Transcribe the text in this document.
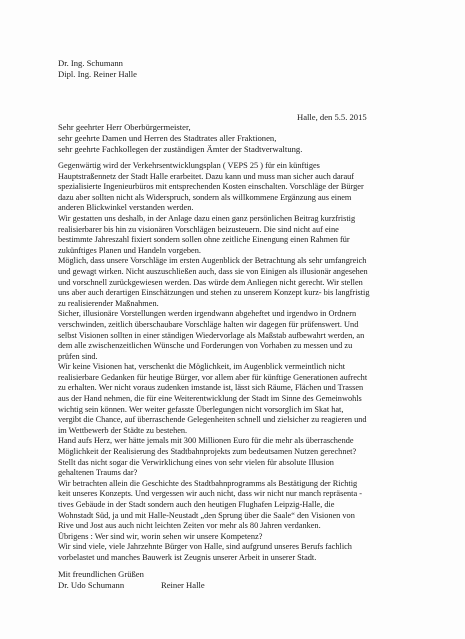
Dr. Ing. Schumann
Dipl. Ing. Reiner Halle
Halle, den 5.5. 2015
Sehr geehrter Herr Oberbürgermeister,
sehr geehrte Damen und Herren des Stadtrates aller Fraktionen,
sehr geehrte Fachkollegen der zuständigen Ämter der Stadtverwaltung.
Gegenwärtig wird der Verkehrsentwicklungsplan ( VEPS 25 ) für ein künftiges
Hauptstraßennetz der Stadt Halle erarbeitet. Dazu kann und muss man sicher auch darauf
spezialisierte Ingenieurbüros mit entsprechenden Kosten einschalten. Vorschläge der Bürger
dazu aber sollten nicht als Widerspruch, sondern als willkommene Ergänzung aus einem
anderen Blickwinkel verstanden werden.
Wir gestatten uns deshalb, in der Anlage dazu einen ganz persönlichen Beitrag kurzfristig
realisierbarer bis hin zu visionären Vorschlägen beizusteuern. Die sind nicht auf eine
bestimmte Jahreszahl fixiert sondern sollen ohne zeitliche Einengung einen Rahmen für
zukünftiges Planen und Handeln vorgeben.
Möglich, dass unsere Vorschläge im ersten Augenblick der Betrachtung als sehr umfangreich
und gewagt wirken. Nicht auszuschließen auch, dass sie von Einigen als illusionär angesehen
und vorschnell zurückgewiesen werden. Das würde dem Anliegen nicht gerecht. Wir stellen
uns aber auch derartigen Einschätzungen und stehen zu unserem Konzept kurz- bis langfristig
zu realisierender Maßnahmen.
Sicher, illusionäre Vorstellungen werden irgendwann abgeheftet und irgendwo in Ordnern
verschwinden, zeitlich überschaubare Vorschläge halten wir dagegen für prüfenswert. Und
selbst Visionen sollten in einer ständigen Wiedervorlage als Maßstab aufbewahrt werden, an
dem alle zwischenzeitlichen Wünsche und Forderungen von Vorhaben zu messen und zu
prüfen sind.
Wir keine Visionen hat, verschenkt die Möglichkeit, im Augenblick vermeintlich nicht
realisierbare Gedanken für heutige Bürger, vor allem aber für künftige Generationen aufrecht
zu erhalten. Wer nicht voraus zudenken imstande ist, lässt sich Räume, Flächen und Trassen
aus der Hand nehmen, die für eine Weiterentwicklung der Stadt im Sinne des Gemeinwohls
wichtig sein können. Wer weiter gefasste Überlegungen nicht vorsorglich im Skat hat,
vergibt die Chance, auf überraschende Gelegenheiten schnell und zielsicher zu reagieren und
im Wettbewerb der Städte zu bestehen.
Hand aufs Herz, wer hätte jemals mit 300 Millionen Euro für die mehr als überraschende
Möglichkeit der Realisierung des Stadtbahnprojekts zum bedeutsamen Nutzen gerechnet?
Stellt das nicht sogar die Verwirklichung eines von sehr vielen für absolute Illusion
gehaltenen Traums dar?
Wir betrachten allein die Geschichte des Stadtbahnprogramms als Bestätigung der Richtig
keit unseres Konzepts. Und vergessen wir auch nicht, dass wir nicht nur manch repräsenta -
tives Gebäude in der Stadt sondern auch den heutigen Flughafen Leipzig-Halle, die
Wohnstadt Süd, ja und mit Halle-Neustadt „den Sprung über die Saale“ den Visionen von
Rive und Jost aus auch nicht leichten Zeiten vor mehr als 80 Jahren verdanken.
Übrigens : Wer sind wir, worin sehen wir unsere Kompetenz?
Wir sind viele, viele Jahrzehnte Bürger von Halle, sind aufgrund unseres Berufs fachlich
vorbelastet und manches Bauwerk ist Zeugnis unserer Arbeit in unserer Stadt.
Mit freundlichen Grüßen
Dr. Udo Schumann	Reiner Halle
